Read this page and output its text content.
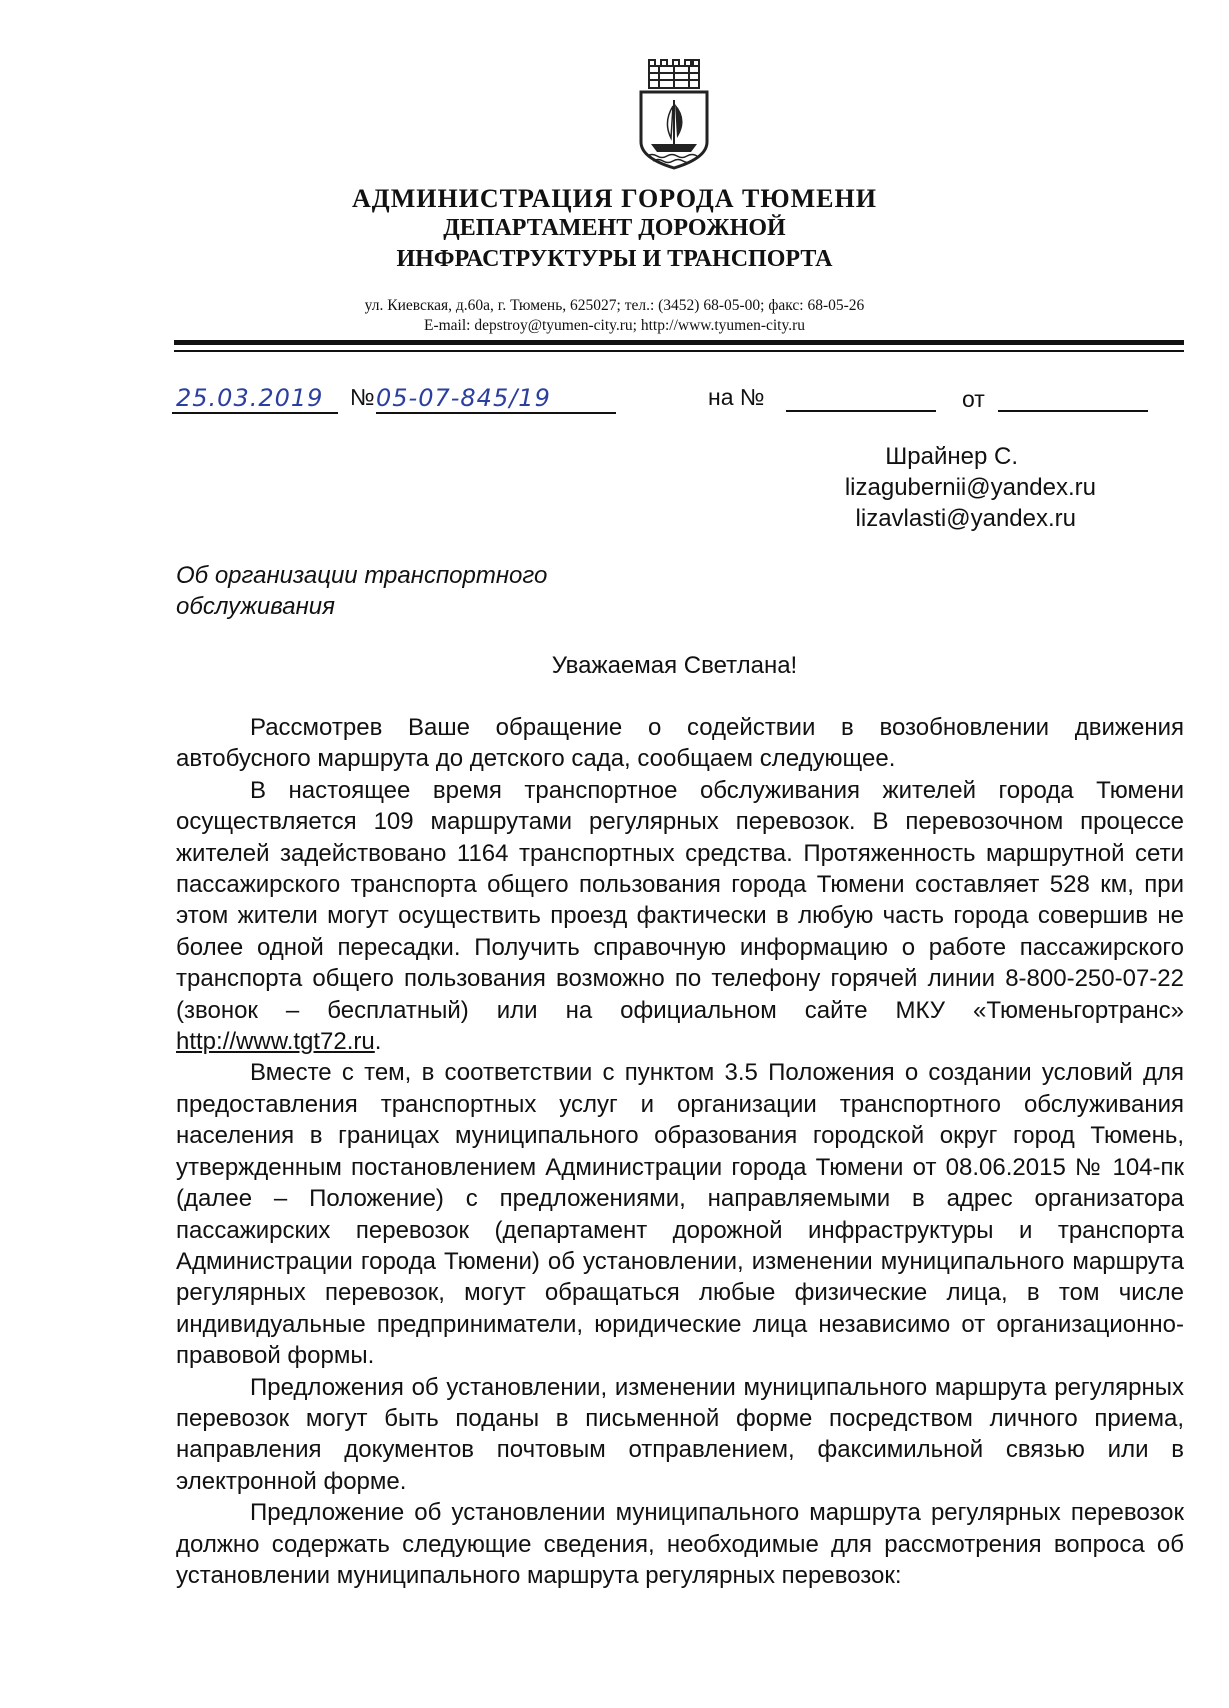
АДМИНИСТРАЦИЯ ГОРОДА ТЮМЕНИ
ДЕПАРТАМЕНТ ДОРОЖНОЙ
ИНФРАСТРУКТУРЫ И ТРАНСПОРТА
ул. Киевская, д.60а, г. Тюмень, 625027; тел.: (3452) 68-05-00; факс: 68-05-26
E-mail: depstroy@tyumen-city.ru; http://www.tyumen-city.ru
25.03.2019 № 05-07-845/19	на №	от
Шрайнер С.
lizagubernii@yandex.ru
lizavlasti@yandex.ru
Об организации транспортного обслуживания
Уважаемая Светлана!

Рассмотрев Ваше обращение о содействии в возобновлении движения автобусного маршрута до детского сада, сообщаем следующее.

В настоящее время транспортное обслуживания жителей города Тюмени осуществляется 109 маршрутами регулярных перевозок. В перевозочном процессе жителей задействовано 1164 транспортных средства. Протяженность маршрутной сети пассажирского транспорта общего пользования города Тюмени составляет 528 км, при этом жители могут осуществить проезд фактически в любую часть города совершив не более одной пересадки. Получить справочную информацию о работе пассажирского транспорта общего пользования возможно по телефону горячей линии 8-800-250-07-22 (звонок – бесплатный) или на официальном сайте МКУ «Тюменьгортранс» http://www.tgt72.ru.

Вместе с тем, в соответствии с пунктом 3.5 Положения о создании условий для предоставления транспортных услуг и организации транспортного обслуживания населения в границах муниципального образования городской округ город Тюмень, утвержденным постановлением Администрации города Тюмени от 08.06.2015 № 104-пк (далее – Положение) с предложениями, направляемыми в адрес организатора пассажирских перевозок (департамент дорожной инфраструктуры и транспорта Администрации города Тюмени) об установлении, изменении муниципального маршрута регулярных перевозок, могут обращаться любые физические лица, в том числе индивидуальные предприниматели, юридические лица независимо от организационно-правовой формы.

Предложения об установлении, изменении муниципального маршрута регулярных перевозок могут быть поданы в письменной форме посредством личного приема, направления документов почтовым отправлением, факсимильной связью или в электронной форме.

Предложение об установлении муниципального маршрута регулярных перевозок должно содержать следующие сведения, необходимые для рассмотрения вопроса об установлении муниципального маршрута регулярных перевозок:
